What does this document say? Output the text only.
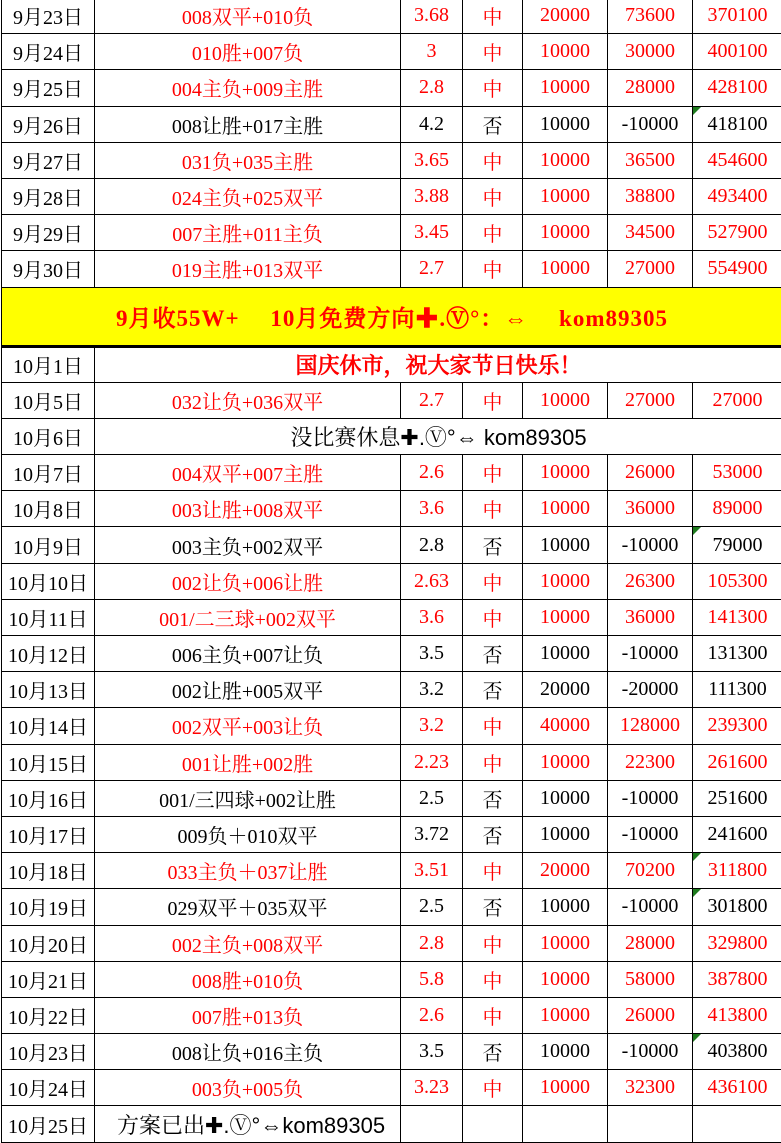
9月23日	008双平+010负	3.68	中	20000	73600	370100
9月24日	010胜+007负	3	中	10000	30000	400100
9月25日	004主负+009主胜	2.8	中	10000	28000	428100
9月26日	008让胜+017主胜	4.2	否	10000	-10000	418100

9月27日	031负+035主胜	3.65	中	10000	36500	454600
9月28日	024主负+025双平	3.88	中	10000	38800	493400
9月29日	007主胜+011主负	3.45	中	10000	34500	527900
9月30日	019主胜+013双平	2.7	中	10000	27000	554900
9月收55W+　 10月免费方向✚.Ⓥ°：⇔ 　kom89305						
10月1日	国庆休市，祝大家节日快乐！					
10月5日	032让负+036双平	2.7	中	10000	27000	27000
10月6日	没比赛休息✚.Ⓥ°⇔ kom89305					
10月7日	004双平+007主胜	2.6	中	10000	26000	53000
10月8日	003让胜+008双平	3.6	中	10000	36000	89000
10月9日	003主负+002双平	2.8	否	10000	-10000	79000

10月10日	002让负+006让胜	2.63	中	10000	26300	105300
10月11日	001/二三球+002双平	3.6	中	10000	36000	141300
10月12日	006主负+007让负	3.5	否	10000	-10000	131300
10月13日	002让胜+005双平	3.2	否	20000	-20000	111300
10月14日	002双平+003让负	3.2	中	40000	128000	239300
10月15日	001让胜+002胜	2.23	中	10000	22300	261600
10月16日	001/三四球+002让胜	2.5	否	10000	-10000	251600
10月17日	009负＋010双平	3.72	否	10000	-10000	241600
10月18日	033主负＋037让胜	3.51	中	20000	70200	311800

10月19日	029双平＋035双平	2.5	否	10000	-10000	301800

10月20日	002主负+008双平	2.8	中	10000	28000	329800
10月21日	008胜+010负	5.8	中	10000	58000	387800
10月22日	007胜+013负	2.6	中	10000	26000	413800
10月23日	008让负+016主负	3.5	否	10000	-10000	403800

10月24日	003负+005负	3.23	中	10000	32300	436100
10月25日	方案已出✚.Ⓥ°⇔kom89305					
